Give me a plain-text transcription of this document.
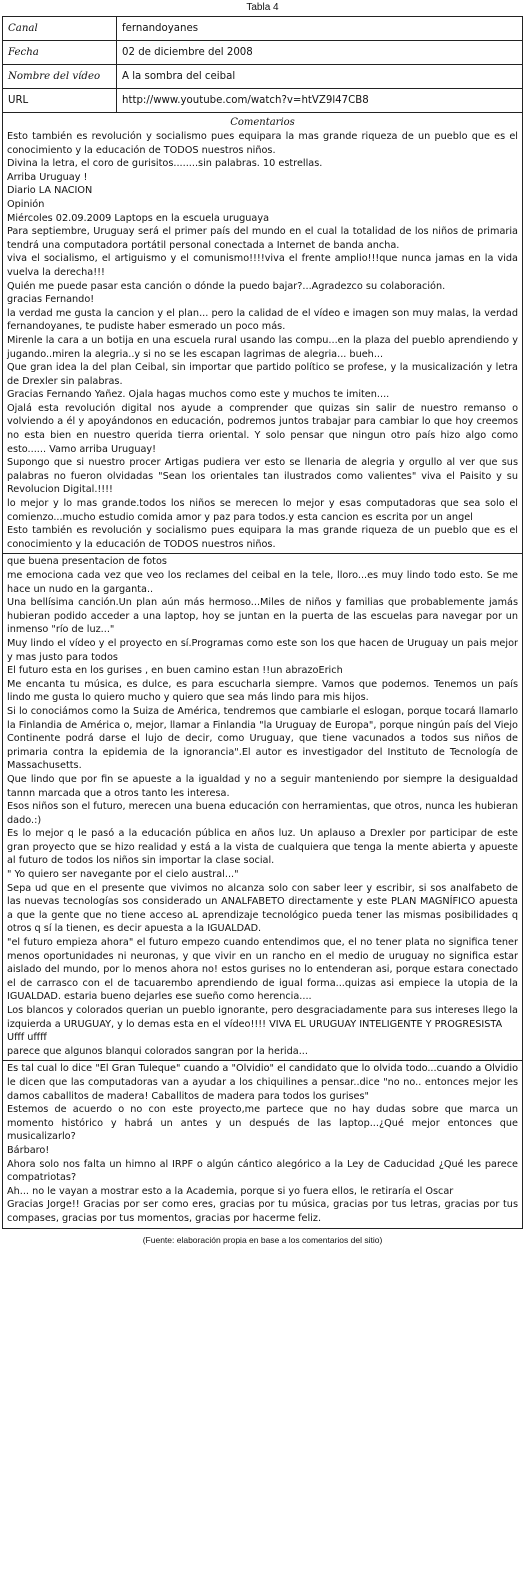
Tabla 4
Canal	fernandoyanes
Fecha	02 de diciembre del 2008
Nombre del vídeo	A la sombra del ceibal
URL	http://www.youtube.com/watch?v=htVZ9l47CB8
Comentarios

Esto también es revolución y socialismo pues equipara la mas grande riqueza de un pueblo que es el conocimiento y la educación de TODOS nuestros niños.

Divina la letra, el coro de gurisitos........sin palabras. 10 estrellas.

Arriba Uruguay !

Diario LA NACION

Opinión

Miércoles 02.09.2009 Laptops en la escuela uruguaya

Para septiembre, Uruguay será el primer país del mundo en el cual la totalidad de los niños de primaria tendrá una computadora portátil personal conectada a Internet de banda ancha.

viva el socialismo, el artiguismo y el comunismo!!!!viva el frente amplio!!!que nunca jamas en la vida vuelva la derecha!!!

Quién me puede pasar esta canción o dónde la puedo bajar?...Agradezco su colaboración.

gracias Fernando!

la verdad me gusta la cancion y el plan... pero la calidad de el vídeo e imagen son muy malas, la verdad fernandoyanes, te pudiste haber esmerado un poco más.

Mirenle la cara a un botija en una escuela rural usando las compu...en la plaza del pueblo aprendiendo y jugando..miren la alegria..y si no se les escapan lagrimas de alegria... bueh...

Que gran idea la del plan Ceibal, sin importar que partido político se profese, y la musicalización y letra de Drexler sin palabras.

Gracias Fernando Yañez. Ojala hagas muchos como este y muchos te imiten....

Ojalá esta revolución digital nos ayude a comprender que quizas sin salir de nuestro remanso o volviendo a él y apoyándonos en educación, podremos juntos trabajar para cambiar lo que hoy creemos no esta bien en nuestro querida tierra oriental. Y solo pensar que ningun otro país hizo algo como esto...... Vamo arriba Uruguay!

Supongo que si nuestro procer Artigas pudiera ver esto se llenaria de alegria y orgullo al ver que sus palabras no fueron olvidadas "Sean los orientales tan ilustrados como valientes" viva el Paisito y su Revolucion Digital.!!!!

lo mejor y lo mas grande.todos los niños se merecen lo mejor y esas computadoras que sea solo el comienzo...mucho estudio comida amor y paz para todos.y esta cancion es escrita por un angel

Esto también es revolución y socialismo pues equipara la mas grande riqueza de un pueblo que es el conocimiento y la educación de TODOS nuestros niños.

que buena presentacion de fotos

me emociona cada vez que veo los reclames del ceibal en la tele, lloro...es muy lindo todo esto. Se me hace un nudo en la garganta..

Una bellísima canción.Un plan aún más hermoso...Miles de niños y familias que probablemente jamás hubieran podido acceder a una laptop, hoy se juntan en la puerta de las escuelas para navegar por un inmenso "río de luz..."

Muy lindo el vídeo y el proyecto en sí.Programas como este son los que hacen de Uruguay un pais mejor y mas justo para todos

El futuro esta en los gurises , en buen camino estan !!un abrazoErich

Me encanta tu música, es dulce, es para escucharla siempre. Vamos que podemos. Tenemos un país lindo me gusta lo quiero mucho y quiero que sea más lindo para mis hijos.

Si lo conociámos como la Suiza de América, tendremos que cambiarle el eslogan, porque tocará llamarlo la Finlandia de América o, mejor, llamar a Finlandia "la Uruguay de Europa", porque ningún país del Viejo Continente podrá darse el lujo de decir, como Uruguay, que tiene vacunados a todos sus niños de primaria contra la epidemia de la ignorancia".El autor es investigador del Instituto de Tecnología de Massachusetts.

Que lindo que por fin se apueste a la igualdad y no a seguir manteniendo por siempre la desigualdad tannn marcada que a otros tanto les interesa.

Esos niños son el futuro, merecen una buena educación con herramientas, que otros, nunca les hubieran dado.:)

Es lo mejor q le pasó a la educación pública en años luz. Un aplauso a Drexler por participar de este gran proyecto que se hizo realidad y está a la vista de cualquiera que tenga la mente abierta y apueste al futuro de todos los niños sin importar la clase social.

" Yo quiero ser navegante por el cielo austral..."

Sepa ud que en el presente que vivimos no alcanza solo con saber leer y escribir, si sos analfabeto de las nuevas tecnologías sos considerado un ANALFABETO directamente y este PLAN MAGNÍFICO apuesta a que la gente que no tiene acceso aL aprendizaje tecnológico pueda tener las mismas posibilidades q otros q sí la tienen, es decir apuesta a la IGUALDAD.

"el futuro empieza ahora" el futuro empezo cuando entendimos que, el no tener plata no significa tener menos oportunidades ni neuronas, y que vivir en un rancho en el medio de uruguay no significa estar aislado del mundo, por lo menos ahora no! estos gurises no lo entenderan asi, porque estara conectado el de carrasco con el de tacuarembo aprendiendo de igual forma...quizas asi empiece la utopia de la IGUALDAD. estaria bueno dejarles ese sueño como herencia....

Los blancos y colorados querian un pueblo ignorante, pero desgraciadamente para sus intereses llego la izquierda a URUGUAY, y lo demas esta en el vídeo!!!! VIVA EL URUGUAY INTELIGENTE Y PROGRESISTA

Ufff uffff

parece que algunos blanqui colorados sangran por la herida...

Es tal cual lo dice "El Gran Tuleque" cuando a "Olvidio" el candidato que lo olvida todo...cuando a Olvidio le dicen que las computadoras van a ayudar a los chiquilines a pensar..dice "no no.. entonces mejor les damos caballitos de madera! Caballitos de madera para todos los gurises"

Estemos de acuerdo o no con este proyecto,me partece que no hay dudas sobre que marca un momento histórico y habrá un antes y un después de las laptop...¿Qué mejor entonces que musicalizarlo?

Bárbaro!

Ahora solo nos falta un himno al IRPF o algún cántico alegórico a la Ley de Caducidad ¿Qué les parece compatriotas?

Ah... no le vayan a mostrar esto a la Academia, porque si yo fuera ellos, le retiraría el Oscar

Gracias Jorge!! Gracias por ser como eres, gracias por tu música, gracias por tus letras, gracias por tus compases, gracias por tus momentos, gracias por hacerme feliz.

(Fuente: elaboración propia en base a los comentarios del sitio)
